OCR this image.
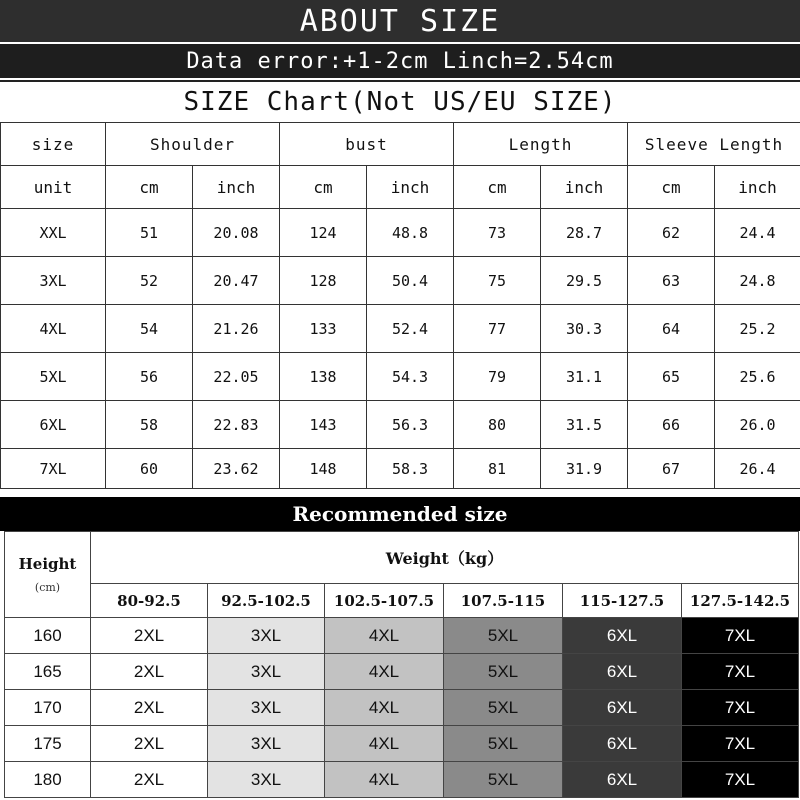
ABOUT SIZE
Data error:+1-2cm Linch=2.54cm
SIZE Chart(Not US/EU SIZE)
size	Shoulder		bust		Length		Sleeve Length	
unit	cm	inch	cm	inch	cm	inch	cm	inch
XXL	51	20.08	124	48.8	73	28.7	62	24.4
3XL	52	20.47	128	50.4	75	29.5	63	24.8
4XL	54	21.26	133	52.4	77	30.3	64	25.2
5XL	56	22.05	138	54.3	79	31.1	65	25.6
6XL	58	22.83	143	56.3	80	31.5	66	26.0
7XL	60	23.62	148	58.3	81	31.9	67	26.4
Recommended size
Height
(cm)	Weight（kg）					
	80-92.5	92.5-102.5	102.5-107.5	107.5-115	115-127.5	127.5-142.5
160	2XL	3XL	4XL	5XL	6XL	7XL
165	2XL	3XL	4XL	5XL	6XL	7XL
170	2XL	3XL	4XL	5XL	6XL	7XL
175	2XL	3XL	4XL	5XL	6XL	7XL
180	2XL	3XL	4XL	5XL	6XL	7XL
